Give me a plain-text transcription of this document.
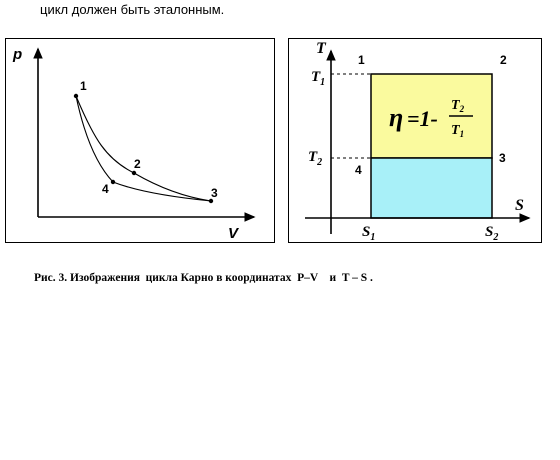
цикл должен быть эталонным.
p
V
1
2
3
4
T
S
$T_1$
$T_2$
$S_1$	$S_2$
1	2
3
4
η =1-
$T_2$
$T_1$
Рис. 3. Изображения  цикла Карно в координатах  P–V    и  T – S .
